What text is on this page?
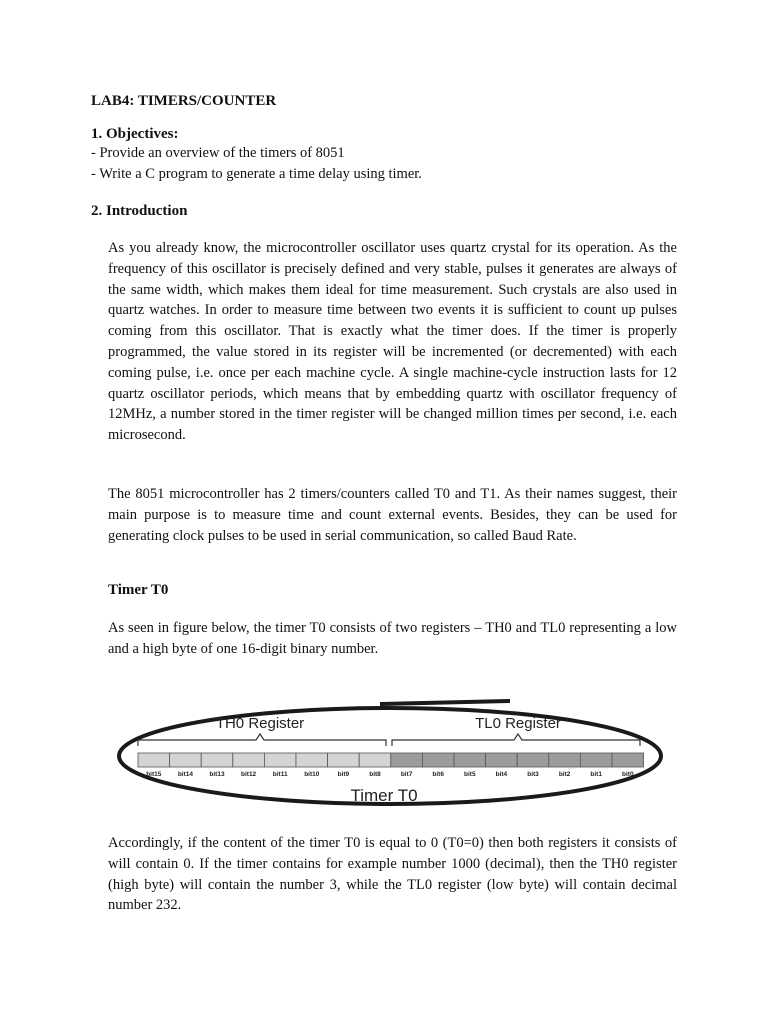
LAB4: TIMERS/COUNTER

1. Objectives:

- Provide an overview of the timers of 8051

- Write a C program to generate a time delay using timer.

2. Introduction

As you already know, the microcontroller oscillator uses quartz crystal for its operation. As the frequency of this oscillator is precisely defined and very stable, pulses it generates are always of the same width, which makes them ideal for time measurement. Such crystals are also used in quartz watches. In order to measure time between two events it is sufficient to count up pulses coming from this oscillator. That is exactly what the timer does. If the timer is properly programmed, the value stored in its register will be incremented (or decremented) with each coming pulse, i.e. once per each machine cycle. A single machine-cycle instruction lasts for 12 quartz oscillator periods, which means that by embedding quartz with oscillator frequency of 12MHz, a number stored in the timer register will be changed million times per second, i.e. each microsecond.

The 8051 microcontroller has 2 timers/counters called T0 and T1. As their names suggest, their main purpose is to measure time and count external events. Besides, they can be used for generating clock pulses to be used in serial communication, so called Baud Rate.

Timer T0

As seen in figure below, the timer T0 consists of two registers – TH0 and TL0 representing a low and a high byte of one 16-digit binary number.

TH0 Register	TL0 Register
bit15	bit14	bit13	bit12	bit11	bit10	bit9	bit8	bit7	bit6	bit5	bit4	bit3	bit2	bit1	bit0
Timer T0

Accordingly, if the content of the timer T0 is equal to 0 (T0=0) then both registers it consists of will contain 0. If the timer contains for example number 1000 (decimal), then the TH0 register (high byte) will contain the number 3, while the TL0 register (low byte) will contain decimal number 232.
